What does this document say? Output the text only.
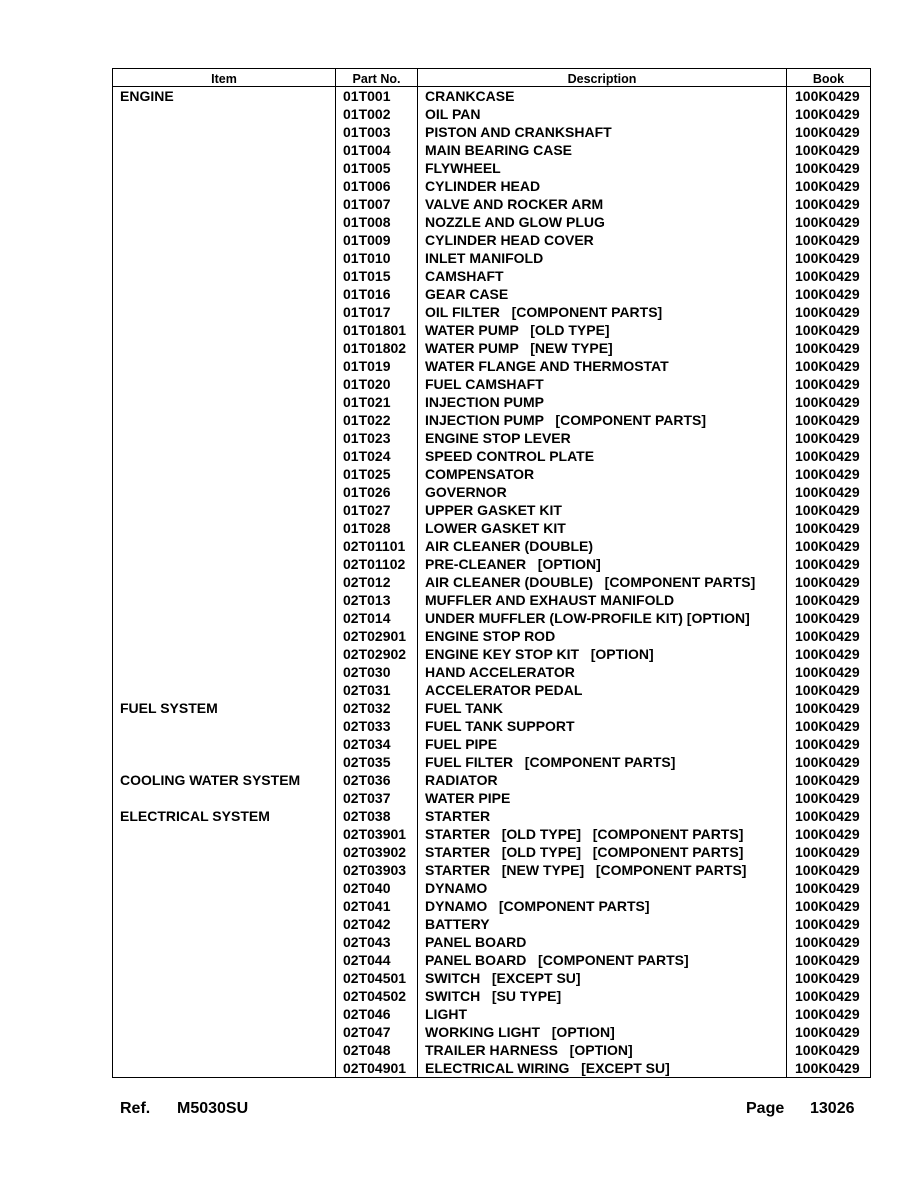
Item	Part No.	Description	Book
ENGINE	01T001	CRANKCASE	100K0429
	01T002	OIL PAN	100K0429
	01T003	PISTON AND CRANKSHAFT	100K0429
	01T004	MAIN BEARING CASE	100K0429
	01T005	FLYWHEEL	100K0429
	01T006	CYLINDER HEAD	100K0429
	01T007	VALVE AND ROCKER ARM	100K0429
	01T008	NOZZLE AND GLOW PLUG	100K0429
	01T009	CYLINDER HEAD COVER	100K0429
	01T010	INLET MANIFOLD	100K0429
	01T015	CAMSHAFT	100K0429
	01T016	GEAR CASE	100K0429
	01T017	OIL FILTER   [COMPONENT PARTS]	100K0429
	01T01801	WATER PUMP   [OLD TYPE]	100K0429
	01T01802	WATER PUMP   [NEW TYPE]	100K0429
	01T019	WATER FLANGE AND THERMOSTAT	100K0429
	01T020	FUEL CAMSHAFT	100K0429
	01T021	INJECTION PUMP	100K0429
	01T022	INJECTION PUMP   [COMPONENT PARTS]	100K0429
	01T023	ENGINE STOP LEVER	100K0429
	01T024	SPEED CONTROL PLATE	100K0429
	01T025	COMPENSATOR	100K0429
	01T026	GOVERNOR	100K0429
	01T027	UPPER GASKET KIT	100K0429
	01T028	LOWER GASKET KIT	100K0429
	02T01101	AIR CLEANER (DOUBLE)	100K0429
	02T01102	PRE-CLEANER   [OPTION]	100K0429
	02T012	AIR CLEANER (DOUBLE)   [COMPONENT PARTS]	100K0429
	02T013	MUFFLER AND EXHAUST MANIFOLD	100K0429
	02T014	UNDER MUFFLER (LOW-PROFILE KIT) [OPTION]	100K0429
	02T02901	ENGINE STOP ROD	100K0429
	02T02902	ENGINE KEY STOP KIT   [OPTION]	100K0429
	02T030	HAND ACCELERATOR	100K0429
	02T031	ACCELERATOR PEDAL	100K0429
FUEL SYSTEM	02T032	FUEL TANK	100K0429
	02T033	FUEL TANK SUPPORT	100K0429
	02T034	FUEL PIPE	100K0429
	02T035	FUEL FILTER   [COMPONENT PARTS]	100K0429
COOLING WATER SYSTEM	02T036	RADIATOR	100K0429
	02T037	WATER PIPE	100K0429
ELECTRICAL SYSTEM	02T038	STARTER	100K0429
	02T03901	STARTER   [OLD TYPE]   [COMPONENT PARTS]	100K0429
	02T03902	STARTER   [OLD TYPE]   [COMPONENT PARTS]	100K0429
	02T03903	STARTER   [NEW TYPE]   [COMPONENT PARTS]	100K0429
	02T040	DYNAMO	100K0429
	02T041	DYNAMO   [COMPONENT PARTS]	100K0429
	02T042	BATTERY	100K0429
	02T043	PANEL BOARD	100K0429
	02T044	PANEL BOARD   [COMPONENT PARTS]	100K0429
	02T04501	SWITCH   [EXCEPT SU]	100K0429
	02T04502	SWITCH   [SU TYPE]	100K0429
	02T046	LIGHT	100K0429
	02T047	WORKING LIGHT   [OPTION]	100K0429
	02T048	TRAILER HARNESS   [OPTION]	100K0429
	02T04901	ELECTRICAL WIRING   [EXCEPT SU]	100K0429
Ref. M5030SU	Page 13026
